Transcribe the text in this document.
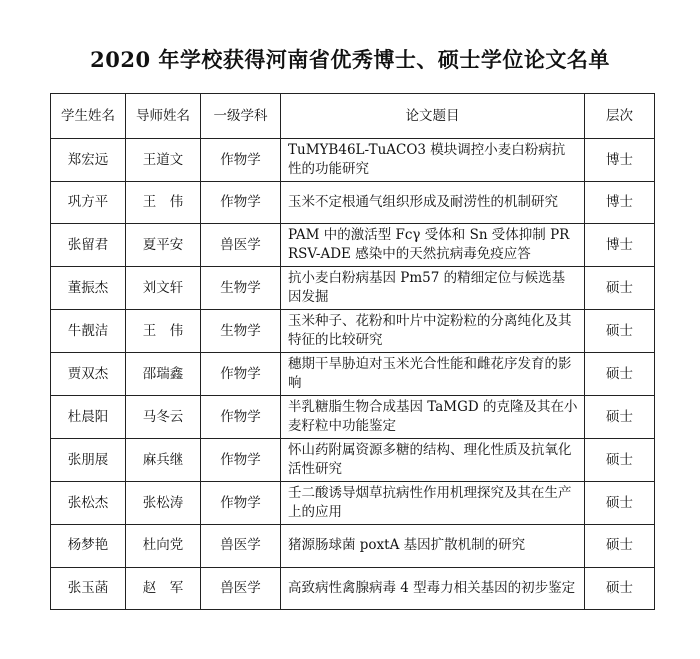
2020 年学校获得河南省优秀博士、硕士学位论文名单
学生姓名	导师姓名	一级学科	论文题目	层次
郑宏远	王道文	作物学	TuMYB46L-TuACO3 模块调控小麦白粉病抗性的功能研究	博士
巩方平	王　伟	作物学	玉米不定根通气组织形成及耐涝性的机制研究	博士
张留君	夏平安	兽医学	PAM 中的激活型 Fcγ 受体和 Sn 受体抑制 PRRSV-ADE 感染中的天然抗病毒免疫应答	博士
董振杰	刘文轩	生物学	抗小麦白粉病基因 Pm57 的精细定位与候选基因发掘	硕士
牛靓洁	王　伟	生物学	玉米种子、花粉和叶片中淀粉粒的分离纯化及其特征的比较研究	硕士
贾双杰	邵瑞鑫	作物学	穗期干旱胁迫对玉米光合性能和雌花序发育的影响	硕士
杜晨阳	马冬云	作物学	半乳糖脂生物合成基因 TaMGD 的克隆及其在小麦籽粒中功能鉴定	硕士
张朋展	麻兵继	作物学	怀山药附属资源多糖的结构、理化性质及抗氧化活性研究	硕士
张松杰	张松涛	作物学	壬二酸诱导烟草抗病性作用机理探究及其在生产上的应用	硕士
杨梦艳	杜向党	兽医学	猪源肠球菌 poxtA 基因扩散机制的研究	硕士
张玉菡	赵　军	兽医学	高致病性禽腺病毒 4 型毒力相关基因的初步鉴定	硕士
